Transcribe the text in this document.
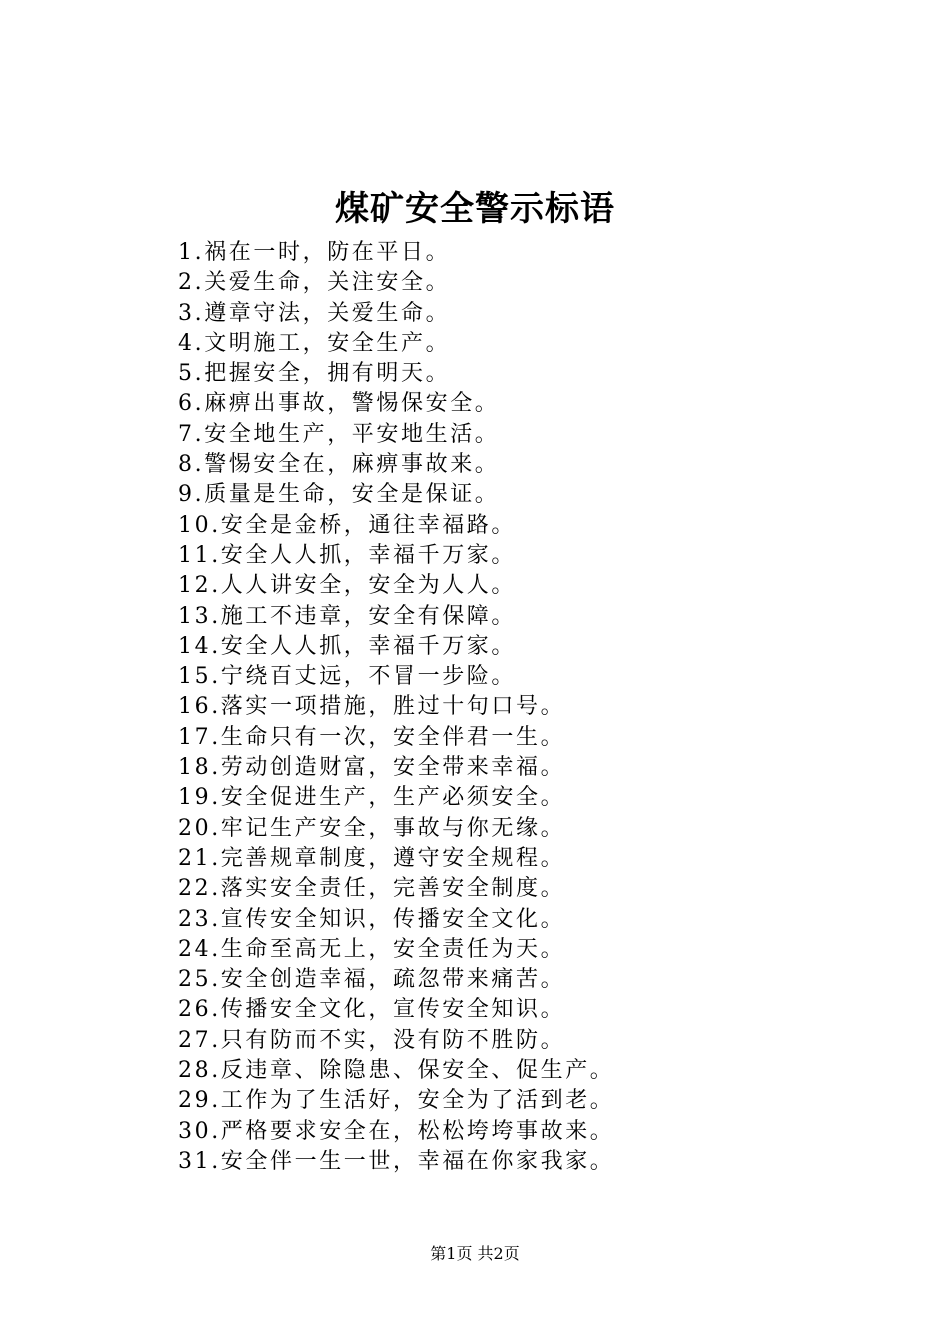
煤矿安全警示标语
1.祸在一时，防在平日。
2.关爱生命，关注安全。
3.遵章守法，关爱生命。
4.文明施工，安全生产。
5.把握安全，拥有明天。
6.麻痹出事故，警惕保安全。
7.安全地生产，平安地生活。
8.警惕安全在，麻痹事故来。
9.质量是生命，安全是保证。
10.安全是金桥，通往幸福路。
11.安全人人抓，幸福千万家。
12.人人讲安全，安全为人人。
13.施工不违章，安全有保障。
14.安全人人抓，幸福千万家。
15.宁绕百丈远，不冒一步险。
16.落实一项措施，胜过十句口号。
17.生命只有一次，安全伴君一生。
18.劳动创造财富，安全带来幸福。
19.安全促进生产，生产必须安全。
20.牢记生产安全，事故与你无缘。
21.完善规章制度，遵守安全规程。
22.落实安全责任，完善安全制度。
23.宣传安全知识，传播安全文化。
24.生命至高无上，安全责任为天。
25.安全创造幸福，疏忽带来痛苦。
26.传播安全文化，宣传安全知识。
27.只有防而不实，没有防不胜防。
28.反违章、除隐患、保安全、促生产。
29.工作为了生活好，安全为了活到老。
30.严格要求安全在，松松垮垮事故来。
31.安全伴一生一世，幸福在你家我家。
第1页 共2页
